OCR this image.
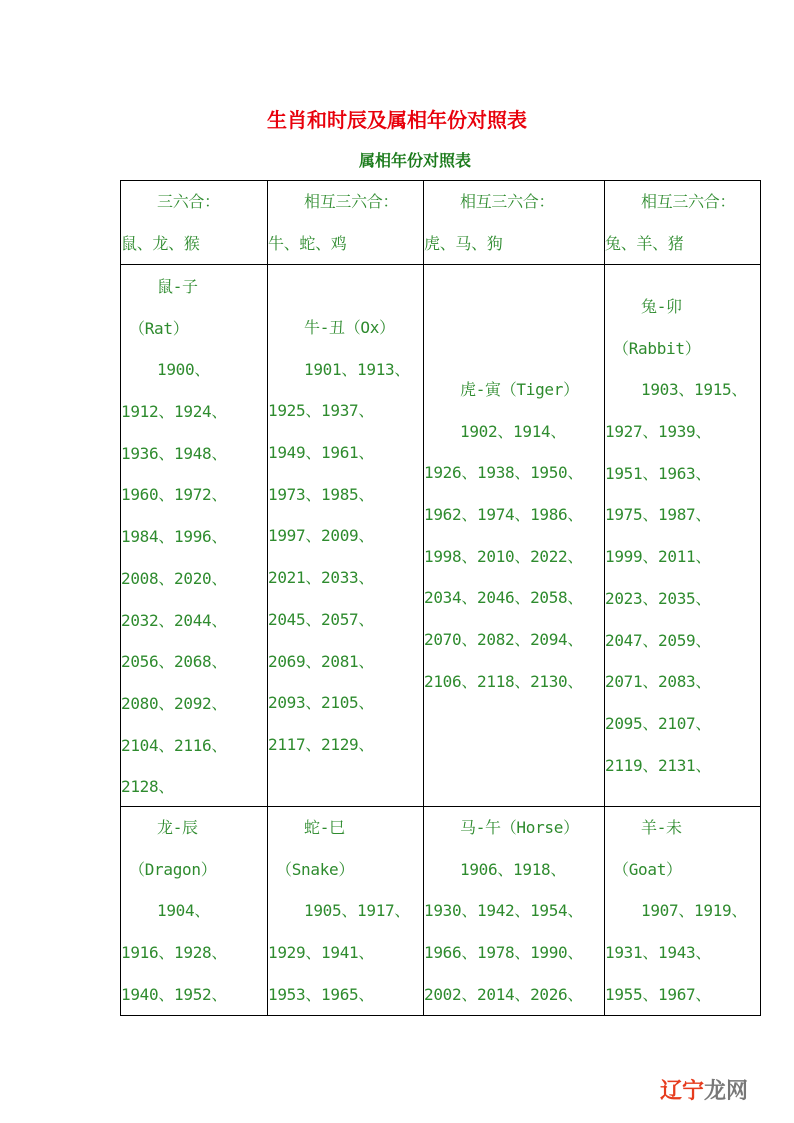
生肖和时辰及属相年份对照表
属相年份对照表
三六合：
鼠、龙、猴
相互三六合：
牛、蛇、鸡
相互三六合：
虎、马、狗
相互三六合：
兔、羊、猪
鼠-子
（Rat）
1900、
1912、1924、
1936、1948、
1960、1972、
1984、1996、
2008、2020、
2032、2044、
2056、2068、
2080、2092、
2104、2116、
2128、
牛-丑（Ox）
1901、1913、
1925、1937、
1949、1961、
1973、1985、
1997、2009、
2021、2033、
2045、2057、
2069、2081、
2093、2105、
2117、2129、
虎-寅（Tiger）
1902、1914、
1926、1938、1950、
1962、1974、1986、
1998、2010、2022、
2034、2046、2058、
2070、2082、2094、
2106、2118、2130、
兔-卯
（Rabbit）
1903、1915、
1927、1939、
1951、1963、
1975、1987、
1999、2011、
2023、2035、
2047、2059、
2071、2083、
2095、2107、
2119、2131、
龙-辰
（Dragon）
1904、
1916、1928、
1940、1952、
蛇-巳
（Snake）
1905、1917、
1929、1941、
1953、1965、
马-午（Horse）
1906、1918、
1930、1942、1954、
1966、1978、1990、
2002、2014、2026、
羊-未
（Goat）
1907、1919、
1931、1943、
1955、1967、
辽宁龙网
